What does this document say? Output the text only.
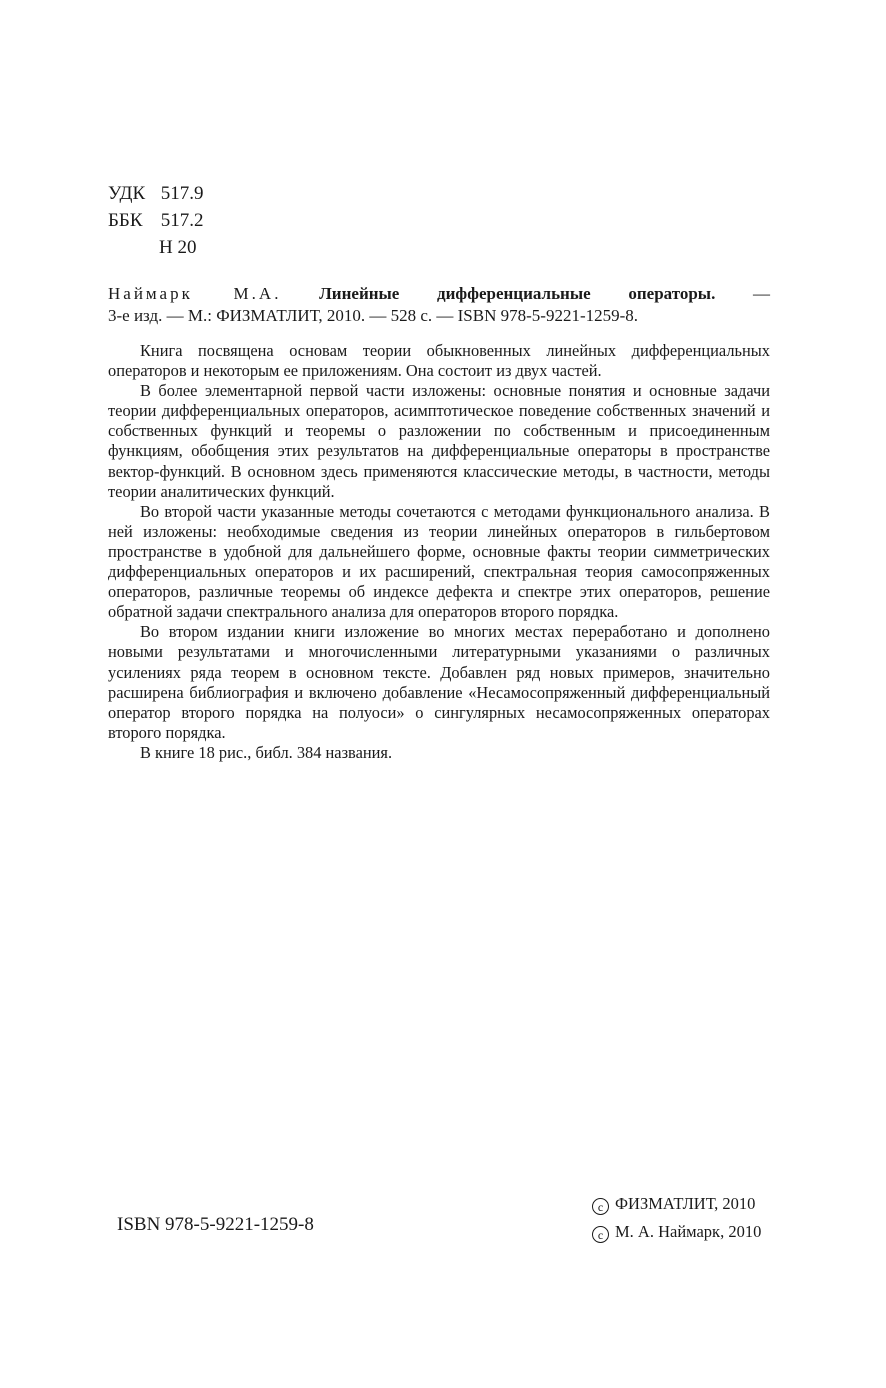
УДК 517.9
ББК 517.2
Н 20

Наймарк М.А. Линейные дифференциальные операторы. —
3-е изд. — М.: ФИЗМАТЛИТ, 2010. — 528 с. — ISBN 978-5-9221-1259-8.

Книга посвящена основам теории обыкновенных линейных дифференциальных операторов и некоторым ее приложениям. Она состоит из двух частей.

В более элементарной первой части изложены: основные понятия и основные задачи теории дифференциальных операторов, асимптотическое поведение собственных значений и собственных функций и теоремы о разложении по собственным и присоединенным функциям, обобщения этих результатов на дифференциальные операторы в пространстве вектор-функций. В основном здесь применяются классические методы, в частности, методы теории аналитических функций.

Во второй части указанные методы сочетаются с методами функционального анализа. В ней изложены: необходимые сведения из теории линейных операторов в гильбертовом пространстве в удобной для дальнейшего форме, основные факты теории симметрических дифференциальных операторов и их расширений, спектральная теория самосопряженных операторов, различные теоремы об индексе дефекта и спектре этих операторов, решение обратной задачи спектрального анализа для операторов второго порядка.

Во втором издании книги изложение во многих местах переработано и дополнено новыми результатами и многочисленными литературными указаниями о различных усилениях ряда теорем в основном тексте. Добавлен ряд новых примеров, значительно расширена библиография и включено добавление «Несамосопряженный дифференциальный оператор второго порядка на полуоси» о сингулярных несамосопряженных операторах второго порядка.

В книге 18 рис., библ. 384 названия.

ISBN 978-5-9221-1259-8
c ФИЗМАТЛИТ, 2010
c М. А. Наймарк, 2010
